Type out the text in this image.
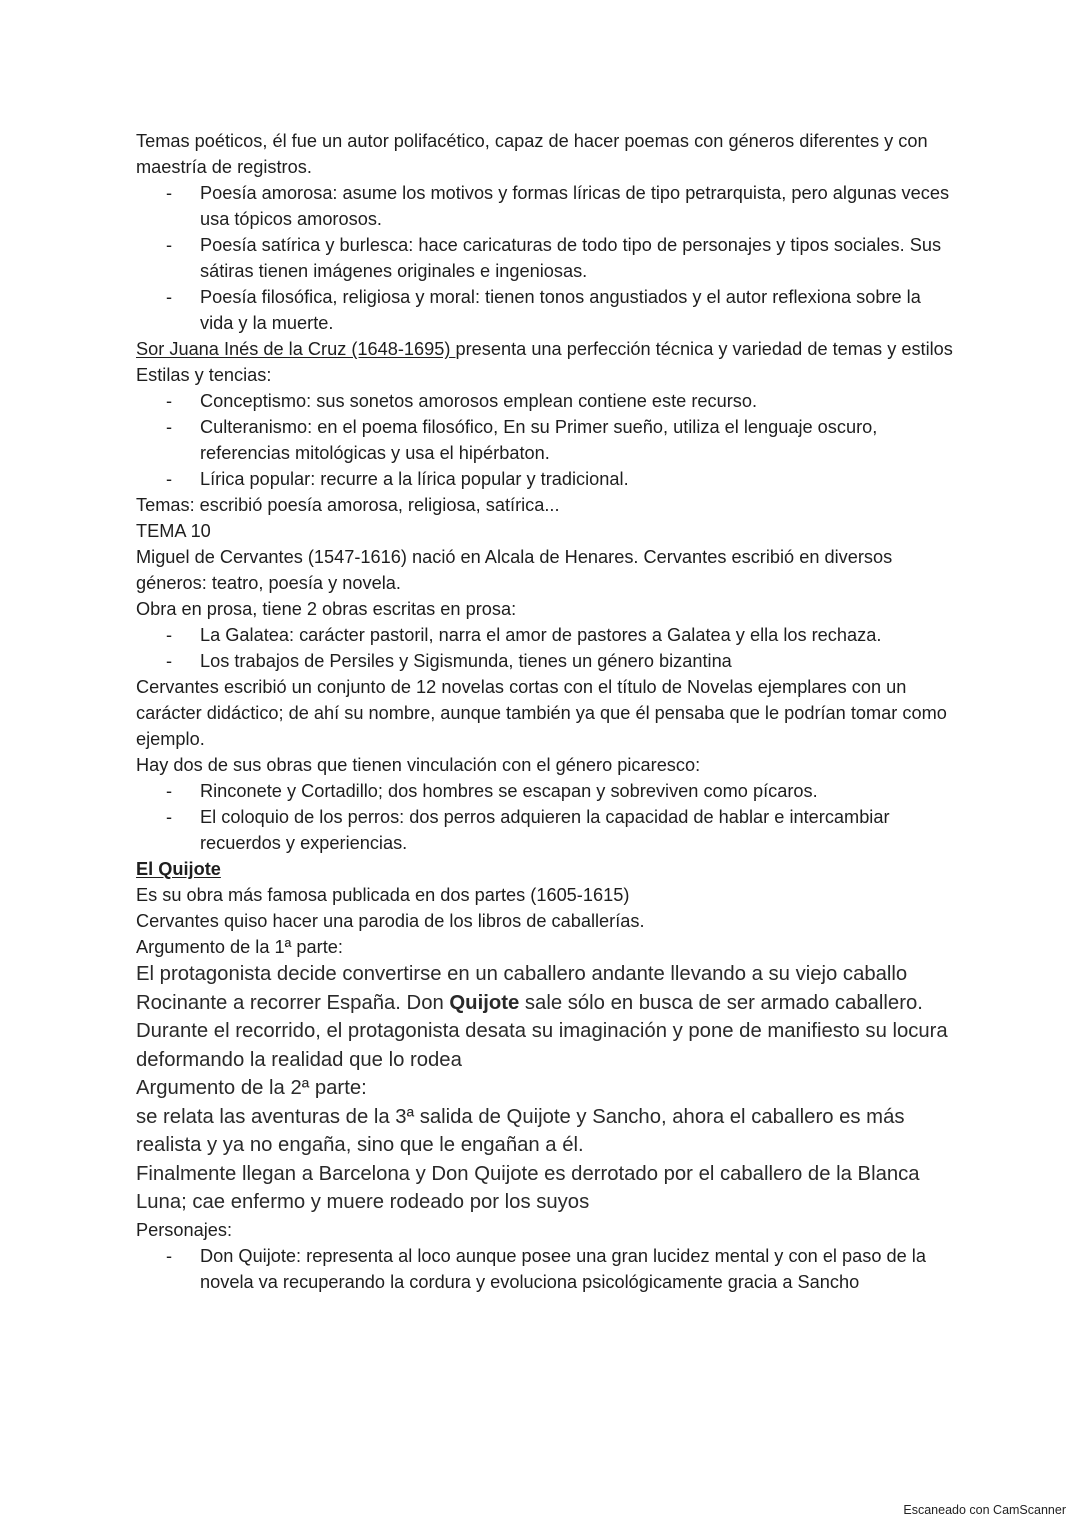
Temas poéticos, él fue un autor polifacético, capaz de hacer poemas con géneros diferentes y con maestría de registros.

- Poesía amorosa: asume los motivos y formas líricas de tipo petrarquista, pero algunas veces usa tópicos amorosos.
- Poesía satírica y burlesca: hace caricaturas de todo tipo de personajes y tipos sociales. Sus sátiras tienen imágenes originales e ingeniosas.
- Poesía filosófica, religiosa y moral: tienen tonos angustiados y el autor reflexiona sobre la vida y la muerte.

Sor Juana Inés de la Cruz (1648-1695) presenta una perfección técnica y variedad de temas y estilos

Estilas y tencias:

- Conceptismo: sus sonetos amorosos emplean contiene este recurso.
- Culteranismo: en el poema filosófico, En su Primer sueño, utiliza el lenguaje oscuro, referencias mitológicas y usa el hipérbaton.
- Lírica popular: recurre a la lírica popular y tradicional.

Temas: escribió poesía amorosa, religiosa, satírica...

TEMA 10

Miguel de Cervantes (1547-1616) nació en Alcala de Henares. Cervantes escribió en diversos géneros: teatro, poesía y novela.

Obra en prosa, tiene 2 obras escritas en prosa:

- La Galatea: carácter pastoril, narra el amor de pastores a Galatea y ella los rechaza.
- Los trabajos de Persiles y Sigismunda, tienes un género bizantina

Cervantes escribió un conjunto de 12 novelas cortas con el título de Novelas ejemplares con un carácter didáctico; de ahí su nombre, aunque también ya que él pensaba que le podrían tomar como ejemplo.

Hay dos de sus obras que tienen vinculación con el género picaresco:

- Rinconete y Cortadillo; dos hombres se escapan y sobreviven como pícaros.
- El coloquio de los perros: dos perros adquieren la capacidad de hablar e intercambiar recuerdos y experiencias.

El Quijote

Es su obra más famosa publicada en dos partes (1605-1615)

Cervantes quiso hacer una parodia de los libros de caballerías.

Argumento de la 1ª parte:

El protagonista decide convertirse en un caballero andante llevando a su viejo caballo Rocinante a recorrer España. Don Quijote sale sólo en busca de ser armado caballero. Durante el recorrido, el protagonista desata su imaginación y pone de manifiesto su locura deformando la realidad que lo rodea

Argumento de la 2ª parte:

se relata las aventuras de la 3ª salida de Quijote y Sancho, ahora el caballero es más realista y ya no engaña, sino que le engañan a él.

Finalmente llegan a Barcelona y Don Quijote es derrotado por el caballero de la Blanca Luna; cae enfermo y muere rodeado por los suyos

Personajes:

- Don Quijote: representa al loco aunque posee una gran lucidez mental y con el paso de la novela va recuperando la cordura y evoluciona psicológicamente gracia a Sancho
Escaneado con CamScanner
